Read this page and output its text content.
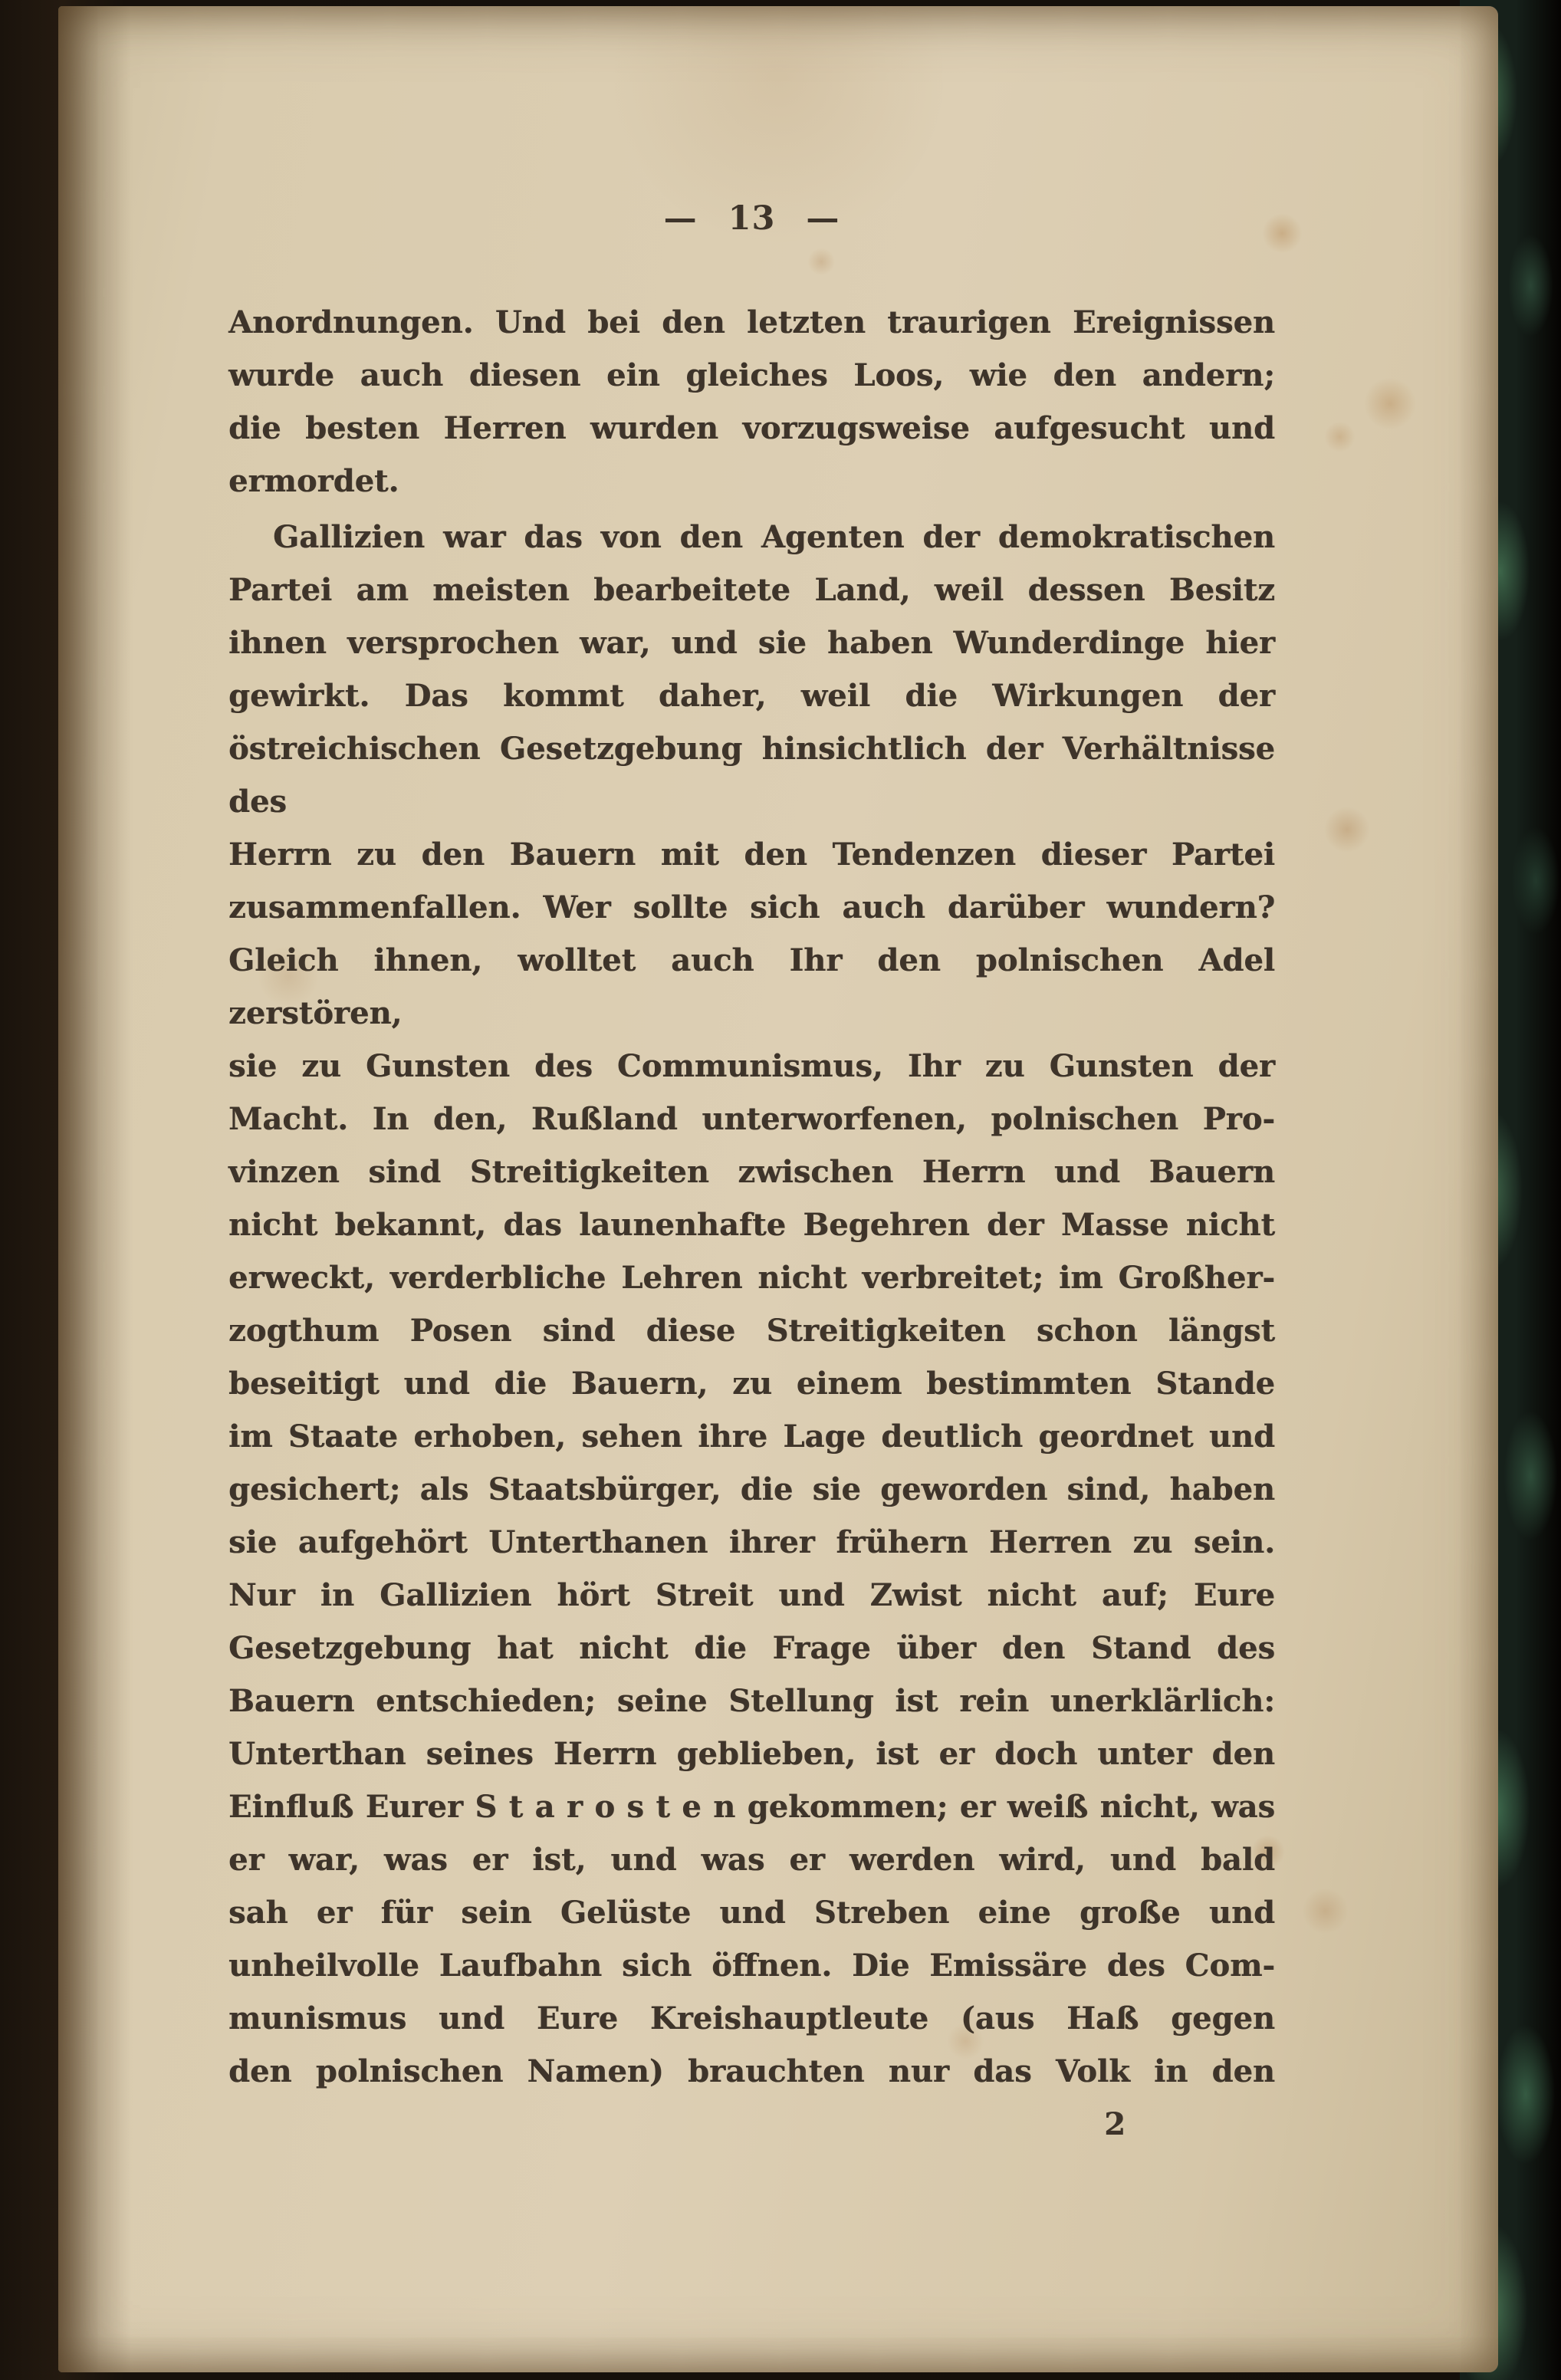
— 13 —
Anordnungen. Und bei den letzten traurigen Ereignissen
wurde auch diesen ein gleiches Loos, wie den andern;
die besten Herren wurden vorzugsweise aufgesucht und
ermordet.
Gallizien war das von den Agenten der demokratischen
Partei am meisten bearbeitete Land, weil dessen Besitz
ihnen versprochen war, und sie haben Wunderdinge hier
gewirkt. Das kommt daher, weil die Wirkungen der
östreichischen Gesetzgebung hinsichtlich der Verhältnisse des
Herrn zu den Bauern mit den Tendenzen dieser Partei
zusammenfallen. Wer sollte sich auch darüber wundern?
Gleich ihnen, wolltet auch Ihr den polnischen Adel zerstören,
sie zu Gunsten des Communismus, Ihr zu Gunsten der
Macht. In den, Rußland unterworfenen, polnischen Pro-
vinzen sind Streitigkeiten zwischen Herrn und Bauern
nicht bekannt, das launenhafte Begehren der Masse nicht
erweckt, verderbliche Lehren nicht verbreitet; im Großher-
zogthum Posen sind diese Streitigkeiten schon längst
beseitigt und die Bauern, zu einem bestimmten Stande
im Staate erhoben, sehen ihre Lage deutlich geordnet und
gesichert; als Staatsbürger, die sie geworden sind, haben
sie aufgehört Unterthanen ihrer frühern Herren zu sein.
Nur in Gallizien hört Streit und Zwist nicht auf; Eure
Gesetzgebung hat nicht die Frage über den Stand des
Bauern entschieden; seine Stellung ist rein unerklärlich:
Unterthan seines Herrn geblieben, ist er doch unter den
Einfluß Eurer S t a r o s t e n gekommen; er weiß nicht, was
er war, was er ist, und was er werden wird, und bald
sah er für sein Gelüste und Streben eine große und
unheilvolle Laufbahn sich öffnen. Die Emissäre des Com-
munismus und Eure Kreishauptleute (aus Haß gegen
den polnischen Namen) brauchten nur das Volk in den
2
